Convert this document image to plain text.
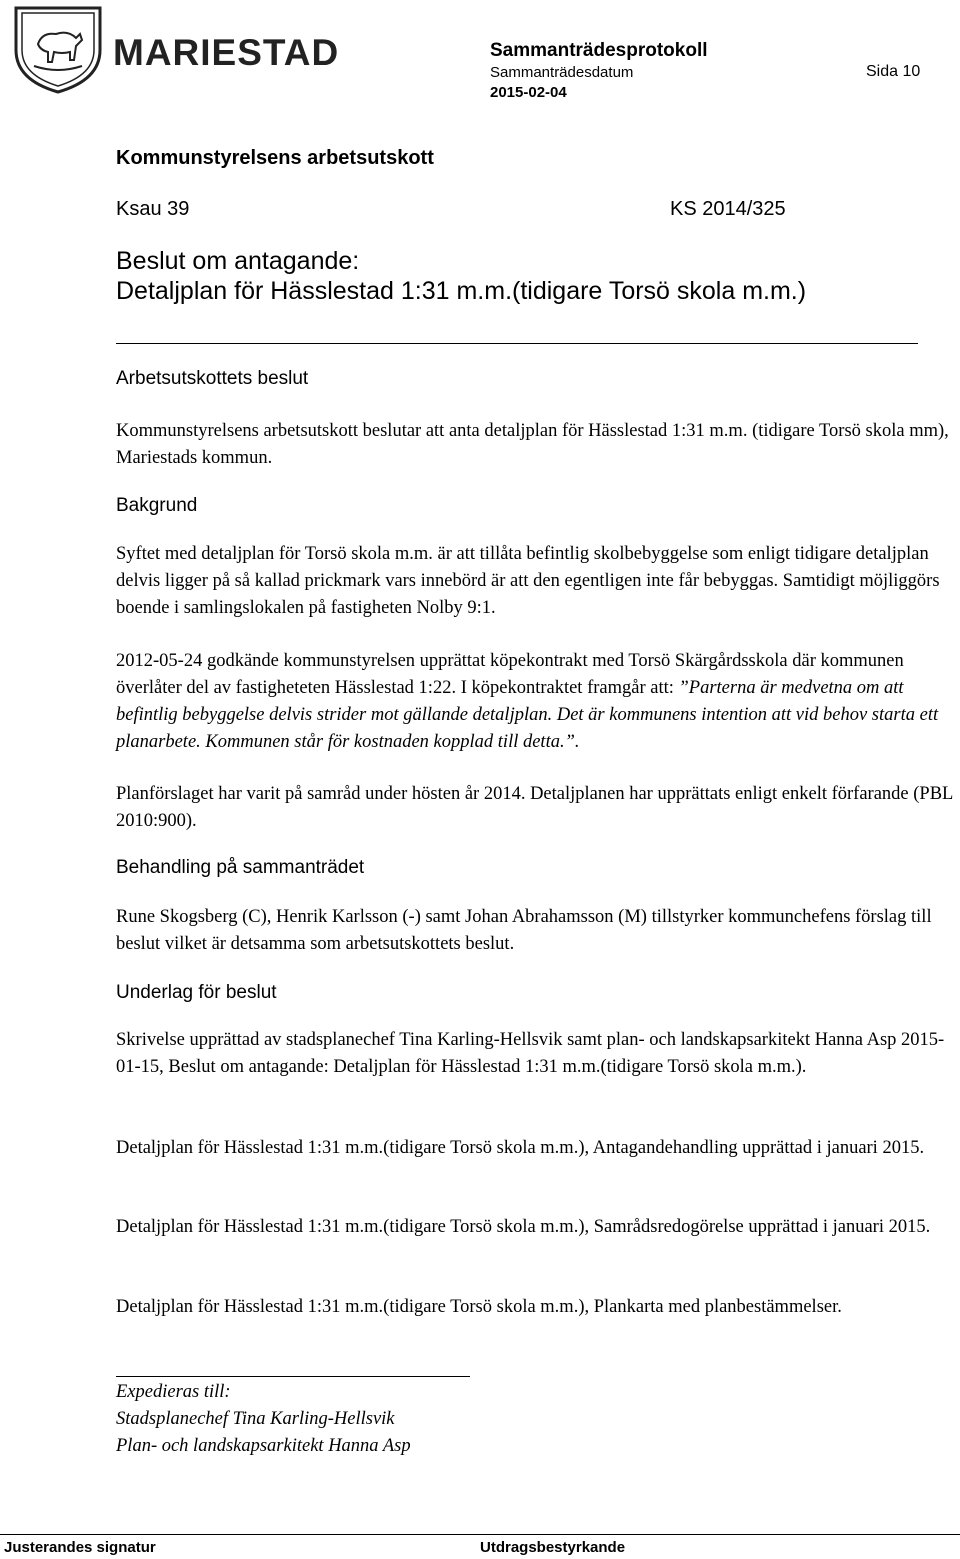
MARIESTAD	Sammanträdesprotokoll
Sammanträdesdatum
2015-02-04
Sida 10
Kommunstyrelsens arbetsutskott
Ksau 39	KS 2014/325
Beslut om antagande:
Detaljplan för Hässlestad 1:31 m.m.(tidigare Torsö skola m.m.)
Arbetsutskottets beslut
Kommunstyrelsens arbetsutskott beslutar att anta detaljplan för Hässlestad 1:31 m.m. (tidigare Torsö skola mm), Mariestads kommun.
Bakgrund
Syftet med detaljplan för Torsö skola m.m. är att tillåta befintlig skolbebyggelse som enligt tidigare detaljplan delvis ligger på så kallad prickmark vars innebörd är att den egentligen inte får bebyggas. Samtidigt möjliggörs boende i samlingslokalen på fastigheten Nolby 9:1.
2012-05-24 godkände kommunstyrelsen upprättat köpekontrakt med Torsö Skärgårdsskola där kommunen överlåter del av fastigheteten Hässlestad 1:22. I köpekontraktet framgår att: ”Parterna är medvetna om att befintlig bebyggelse delvis strider mot gällande detaljplan. Det är kommunens intention att vid behov starta ett planarbete. Kommunen står för kostnaden kopplad till detta.”.
Planförslaget har varit på samråd under hösten år 2014. Detaljplanen har upprättats enligt enkelt förfarande (PBL 2010:900).
Behandling på sammanträdet
Rune Skogsberg (C), Henrik Karlsson (-) samt Johan Abrahamsson (M) tillstyrker kommunchefens förslag till beslut vilket är detsamma som arbetsutskottets beslut.
Underlag för beslut
Skrivelse upprättad av stadsplanechef Tina Karling-Hellsvik samt plan- och landskapsarkitekt Hanna Asp 2015-01-15, Beslut om antagande: Detaljplan för Hässlestad 1:31 m.m.(tidigare Torsö skola m.m.).
Detaljplan för Hässlestad 1:31 m.m.(tidigare Torsö skola m.m.), Antagandehandling upprättad i januari 2015.
Detaljplan för Hässlestad 1:31 m.m.(tidigare Torsö skola m.m.), Samrådsredogörelse upprättad i januari 2015.
Detaljplan för Hässlestad 1:31 m.m.(tidigare Torsö skola m.m.), Plankarta med planbestämmelser.
Expedieras till:
Stadsplanechef Tina Karling-Hellsvik
Plan- och landskapsarkitekt Hanna Asp
Justerandes signatur	Utdragsbestyrkande
